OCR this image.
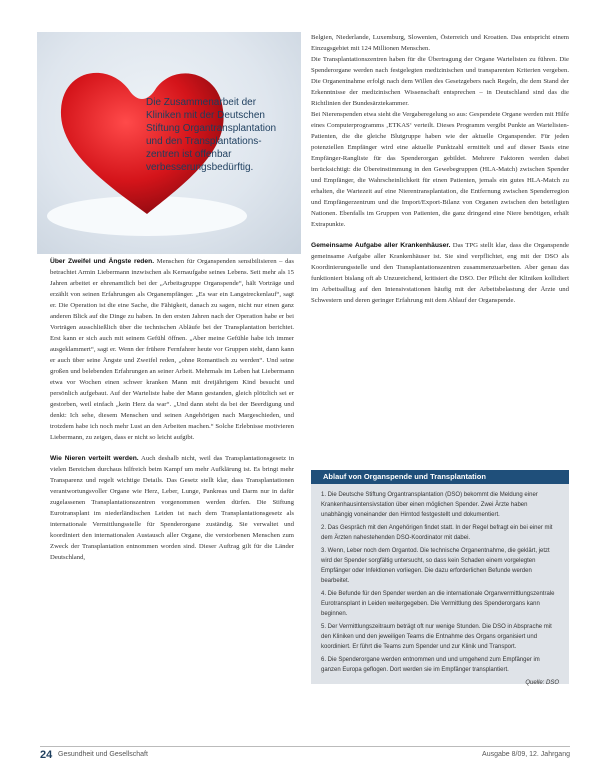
Die Zusammenarbeit der Kliniken mit der Deutschen Stiftung Organtransplantation und den Transplantations-zentren ist offenbar verbesserungsbedürftig.

Über Zweifel und Ängste reden. Menschen für Organspenden sensibilisieren – das betrachtet Armin Liebermann inzwischen als Kernaufgabe seines Lebens. Seit mehr als 15 Jahren arbeitet er ehrenamtlich bei der „Arbeitsgruppe Organspende“, hält Vorträge und erzählt von seinen Erfahrungen als Organempfänger. „Es war ein Langstreckenlauf“, sagt er. Die Operation ist die eine Sache, die Fähigkeit, danach zu sagen, nicht nur einen ganz anderen Blick auf die Dinge zu haben. In den ersten Jahren nach der Operation habe er bei Vorträgen ausschließlich über die technischen Abläufe bei der Transplantation berichtet. Erst kann er sich auch mit seinem Gefühl öffnen. „Aber meine Gefühle habe ich immer ausgeklammert“, sagt er. Wenn der frühere Fernfahrer heute vor Gruppen steht, dann kann er auch über seine Ängste und Zweifel reden, „ohne Romantisch zu werden“. Und seine großen und belebenden Erfahrungen an seiner Arbeit. Mehrmals im Leben hat Liebermann etwa vor Wochen einen schwer kranken Mann mit dreijährigem Kind besucht und persönlich aufgebaut. Auf der Warteliste habe der Mann gestanden, gleich plötzlich sei er gestorben, weil einfach „kein Herz da war“. „Und dann steht da bei der Beerdigung und denkt: Ich sehe, diesem Menschen und seinen Angehörigen nach Margeschieden, und trotzdem habe ich noch mehr Lust an den Arbeiten machen.“ Solche Erlebnisse motivieren Liebermann, zu zeigen, dass er nicht so leicht aufgibt.

Wie Nieren verteilt werden. Auch deshalb nicht, weil das Transplantationsgesetz in vielen Bereichen durchaus hilfreich beim Kampf um mehr Aufklärung ist. Es bringt mehr Transparenz und regelt wichtige Details. Das Gesetz stellt klar, dass Transplantationen verantwortungsvoller Organe wie Herz, Leber, Lunge, Pankreas und Darm nur in dafür zugelassenen Transplantationszentren vorgenommen werden dürfen. Die Stiftung Eurotransplant im niederländischen Leiden ist nach dem Transplantationsgesetz als internationale Vermittlungsstelle für Spenderorgane zuständig. Sie verwaltet und koordiniert den internationalen Austausch aller Organe, die verstorbenen Menschen zum Zweck der Transplantation entnommen worden sind. Dieser Auftrag gilt für die Länder Deutschland,

Belgien, Niederlande, Luxemburg, Slowenien, Österreich und Kroatien. Das entspricht einem Einzugsgebiet mit 124 Millionen Menschen.

Die Transplantationszentren haben für die Übertragung der Organe Wartelisten zu führen. Die Spenderorgane werden nach festgelegten medizinischen und transparenten Kriterien vergeben. Die Organentnahme erfolgt nach dem Willen des Gesetzgebers nach Regeln, die dem Stand der Erkenntnisse der medizinischen Wissenschaft entsprechen – in Deutschland sind das die Richtlinien der Bundesärztekammer.

Bei Nierenspenden etwa sieht die Vergaberegelung so aus: Gespendete Organe werden mit Hilfe eines Computerprogramms ‚ETKAS‘ verteilt. Dieses Programm vergibt Punkte an Wartelisten-Patienten, die die gleiche Blutgruppe haben wie der aktuelle Organspender. Für jeden potenziellen Empfänger wird eine aktuelle Punktzahl ermittelt und auf dieser Basis eine Empfänger-Rangliste für das Spenderorgan gebildet. Mehrere Faktoren werden dabei berücksichtigt: die Übereinstimmung in den Gewebegruppen (HLA-Match) zwischen Spender und Empfänger, die Wahrscheinlichkeit für einen Patienten, jemals ein gutes HLA-Match zu erhalten, die Wartezeit auf eine Nierentransplantation, die Entfernung zwischen Spenderregion und Empfängerzentrum und die Import/Export-Bilanz von Organen zwischen den beteiligten Nationen. Ebenfalls im Gruppen von Patienten, die ganz dringend eine Niere benötigen, erhält Extrapunkte.

Gemeinsame Aufgabe aller Krankenhäuser. Das TPG stellt klar, dass die Organspende gemeinsame Aufgabe aller Krankenhäuser ist. Sie sind verpflichtet, eng mit der DSO als Koordinierungsstelle und den Transplantationszentren zusammenzuarbeiten. Aber genau das funktioniert bislang oft ab Unzureichend, kritisiert die DSO. Der Pflicht der Kliniken kollidiert im Arbeitsalltag auf den Intensivstationen häufig mit der Arbeitsbelastung der Ärzte und Schwestern und deren geringer Erfahrung mit dem Ablauf der Organspende.

Ablauf von Organspende und Transplantation
1. Die Deutsche Stiftung Organtransplantation (DSO) bekommt die Meldung einer Krankenhausintensivstation über einen möglichen Spender. Zwei Ärzte haben unabhängig voneinander den Hirntod festgestellt und dokumentiert.
2. Das Gespräch mit den Angehörigen findet statt. In der Regel befragt ein bei einer mit dem Ärzten nahestehenden DSO-Koordinator mit dabei.
3. Wenn, Leber noch dem Organtod. Die technische Organentnahme, die geklärt, jetzt wird der Spender sorgfältig untersucht, so dass kein Schaden einem vorgelegten Empfänger oder Infektionen vorliegen. Die dazu erforderlichen Befunde werden bearbeitet.
4. Die Befunde für den Spender werden an die internationale Organvermittlungszentrale Eurotransplant in Leiden weitergegeben. Die Vermittlung des Spenderorgans kann beginnen.
5. Der Vermittlungszeitraum beträgt oft nur wenige Stunden. Die DSO in Absprache mit den Kliniken und den jeweiligen Teams die Entnahme des Organs organisiert und koordiniert. Er führt die Teams zum Spender und zur Klinik und Transport.
6. Die Spenderorgane werden entnommen und und umgehend zum Empfänger im ganzen Europa geflogen. Dort werden sie im Empfänger transplantiert.
Quelle: DSO
24 Gesundheit und Gesellschaft	Ausgabe 8/09, 12. Jahrgang
